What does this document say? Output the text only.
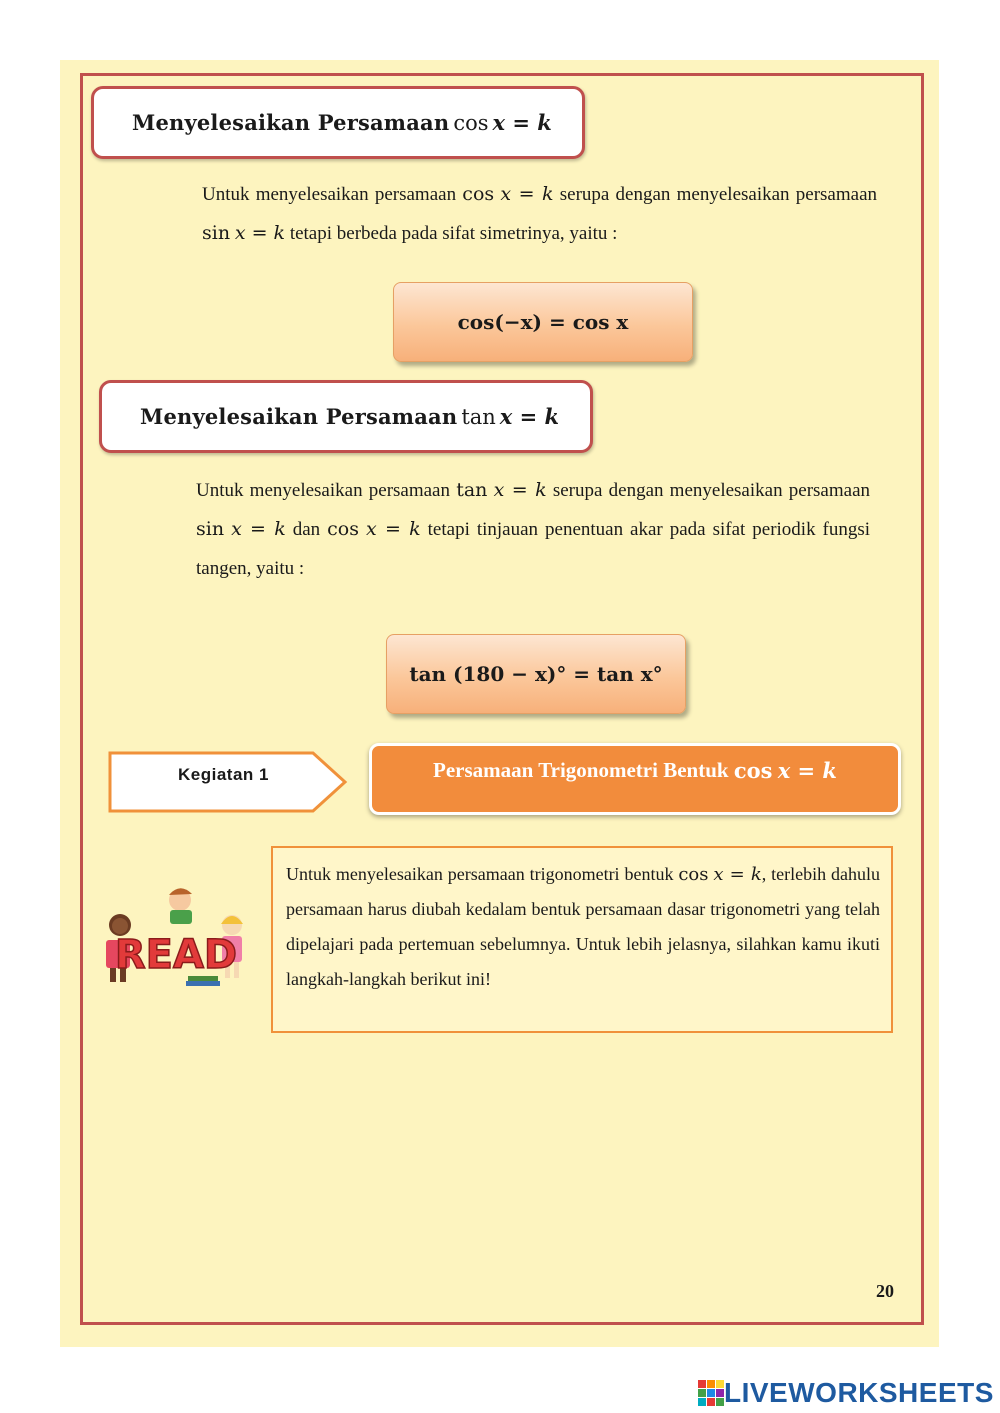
Menyelesaikan Persamaan
cos
x = k
Untuk menyelesaikan persamaan cos x = k serupa dengan menyelesaikan persamaan sin x = k tetapi berbeda pada sifat simetrinya, yaitu :
cos(−x) = cos x
Menyelesaikan Persamaan
tan
x = k
Untuk menyelesaikan persamaan tan x = k serupa dengan menyelesaikan persamaan sin x = k dan cos x = k tetapi tinjauan penentuan akar pada sifat periodik fungsi tangen, yaitu :
tan (180 − x)° = tan x°
Kegiatan 1	Persamaan Trigonometri Bentuk
cos
x = k
READ
Untuk menyelesaikan persamaan trigonometri bentuk cos x = k, terlebih dahulu persamaan harus diubah kedalam bentuk persamaan dasar trigonometri yang telah dipelajari pada pertemuan sebelumnya. Untuk lebih jelasnya, silahkan kamu ikuti langkah-langkah berikut ini!
20
LIVEWORKSHEETS
